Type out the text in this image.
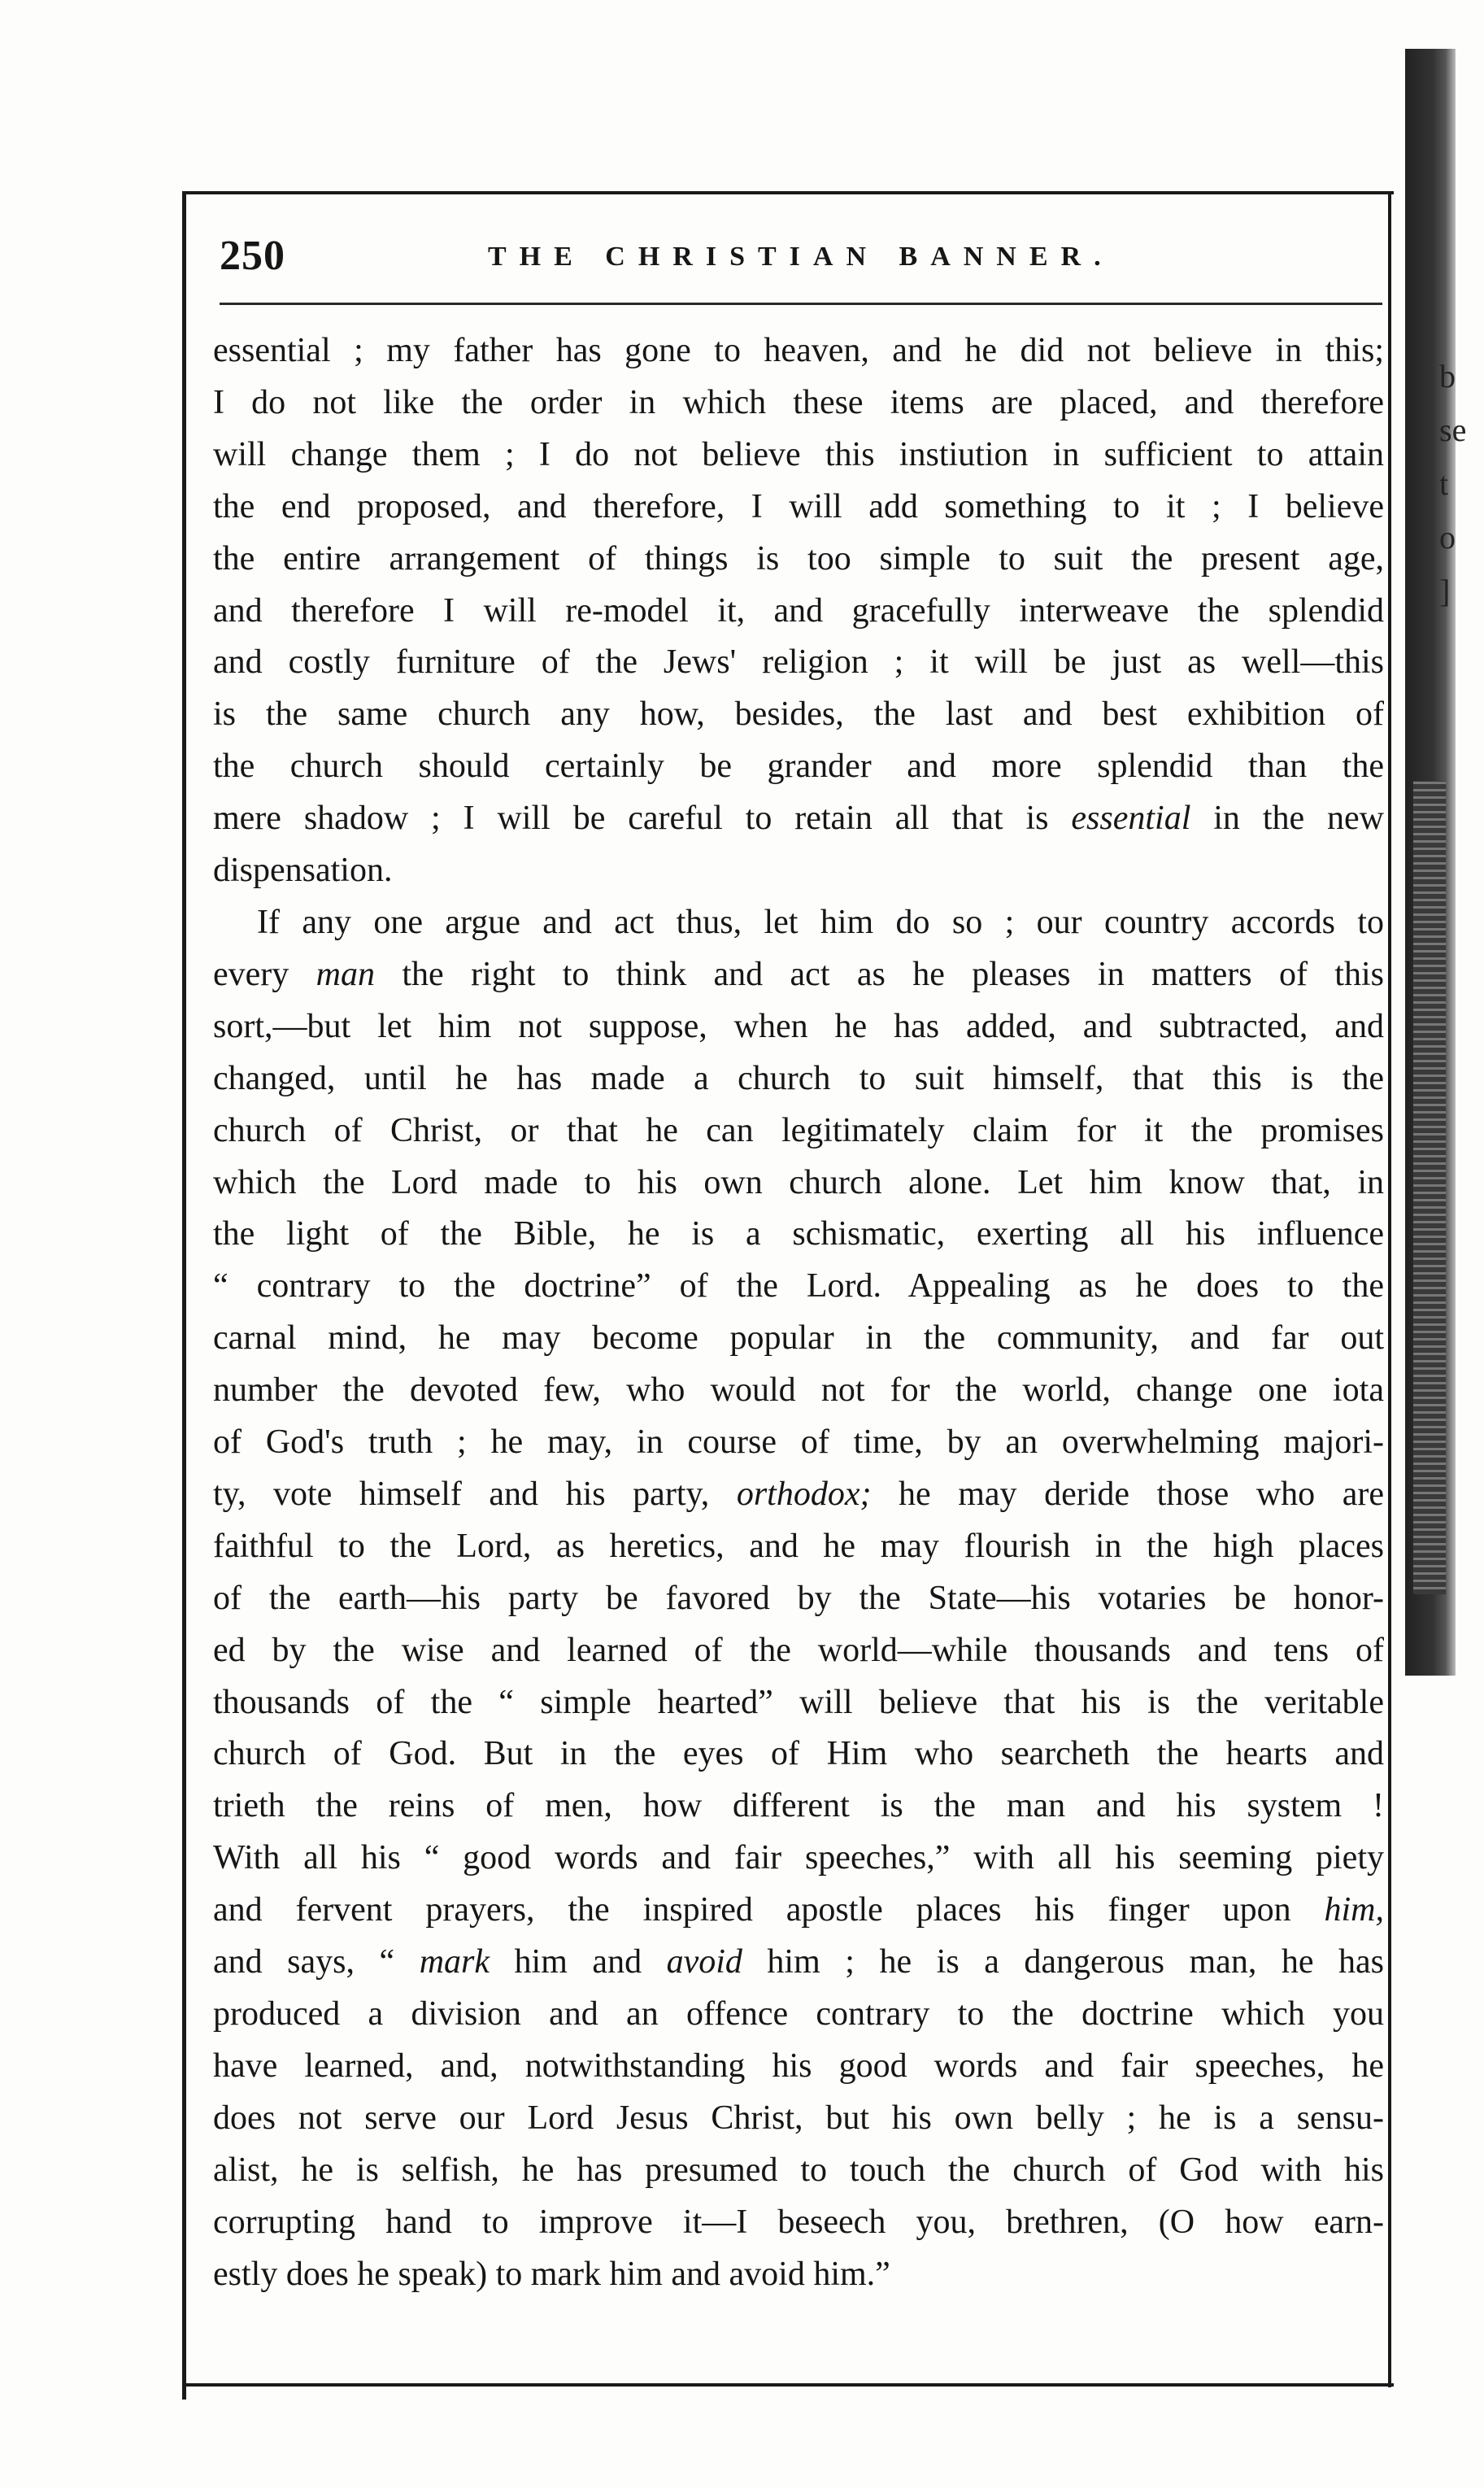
b
se
t
o
]
250	THE CHRISTIAN BANNER.

essential ; my father has gone to heaven, and he did not believe in this;
I do not like the order in which these items are placed, and therefore
will change them ; I do not believe this instiution in sufficient to attain
the end proposed, and therefore, I will add something to it ; I believe
the entire arrangement of things is too simple to suit the present age,
and therefore I will re-model it, and gracefully interweave the splendid
and costly furniture of the Jews' religion ; it will be just as well—this
is the same church any how, besides, the last and best exhibition of
the church should certainly be grander and more splendid than the
mere shadow ; I will be careful to retain all that is essential in the new
dispensation.

If any one argue and act thus, let him do so ; our country accords to
every man the right to think and act as he pleases in matters of this
sort,—but let him not suppose, when he has added, and subtracted, and
changed, until he has made a church to suit himself, that this is the
church of Christ, or that he can legitimately claim for it the promises
which the Lord made to his own church alone. Let him know that, in
the light of the Bible, he is a schismatic, exerting all his influence
“ contrary to the doctrine” of the Lord. Appealing as he does to the
carnal mind, he may become popular in the community, and far out
number the devoted few, who would not for the world, change one iota
of God's truth ; he may, in course of time, by an overwhelming majori-
ty, vote himself and his party, orthodox; he may deride those who are
faithful to the Lord, as heretics, and he may flourish in the high places
of the earth—his party be favored by the State—his votaries be honor-
ed by the wise and learned of the world—while thousands and tens of
thousands of the “ simple hearted” will believe that his is the veritable
church of God. But in the eyes of Him who searcheth the hearts and
trieth the reins of men, how different is the man and his system !
With all his “ good words and fair speeches,” with all his seeming piety
and fervent prayers, the inspired apostle places his finger upon him,
and says, “ mark him and avoid him ; he is a dangerous man, he has
produced a division and an offence contrary to the doctrine which you
have learned, and, notwithstanding his good words and fair speeches, he
does not serve our Lord Jesus Christ, but his own belly ; he is a sensu-
alist, he is selfish, he has presumed to touch the church of God with his
corrupting hand to improve it—I beseech you, brethren, (O how earn-
estly does he speak) to mark him and avoid him.”
